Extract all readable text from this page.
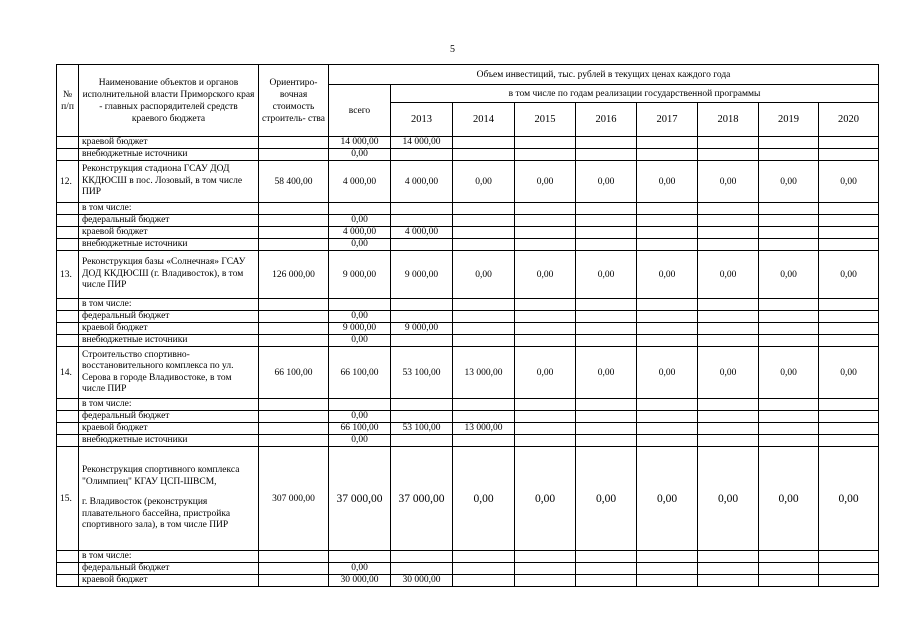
5
№ п/п	Наименование объектов и органов исполнительной власти Приморского края - главных распорядителей средств краевого бюджета	Ориентиро- вочная стоимость строитель- ства	Объем инвестиций, тыс. рублей в текущих ценах каждого года								
			всего	в том числе по годам реализации государственной программы							
				2013	2014	2015	2016	2017	2018	2019	2020
	краевой бюджет		14 000,00	14 000,00							
	внебюджетные источники		0,00								
12.	Реконструкция стадиона ГСАУ ДОД ККДЮСШ в пос. Лозовый, в том числе ПИР	58 400,00	4 000,00	4 000,00	0,00	0,00	0,00	0,00	0,00	0,00	0,00
	в том числе:										
	федеральный бюджет		0,00								
	краевой бюджет		4 000,00	4 000,00							
	внебюджетные источники		0,00								
13.	Реконструкция базы «Солнечная» ГСАУ ДОД ККДЮСШ (г. Владивосток), в том числе ПИР	126 000,00	9 000,00	9 000,00	0,00	0,00	0,00	0,00	0,00	0,00	0,00
	в том числе:										
	федеральный бюджет		0,00								
	краевой бюджет		9 000,00	9 000,00							
	внебюджетные источники		0,00								
14.	Строительство спортивно-восстановительного комплекса по ул. Серова в городе Владивостоке, в том числе ПИР	66 100,00	66 100,00	53 100,00	13 000,00	0,00	0,00	0,00	0,00	0,00	0,00
	в том числе:										
	федеральный бюджет		0,00								
	краевой бюджет		66 100,00	53 100,00	13 000,00						
	внебюджетные источники		0,00								
15.	Реконструкция спортивного комплекса "Олимпиец" КГАУ ЦСП-ШВСМ,
г. Владивосток (реконструкция плавательного бассейна, пристройка спортивного зала), в том числе ПИР	307 000,00	37 000,00	37 000,00	0,00	0,00	0,00	0,00	0,00	0,00	0,00
	в том числе:										
	федеральный бюджет		0,00								
	краевой бюджет		30 000,00	30 000,00							
